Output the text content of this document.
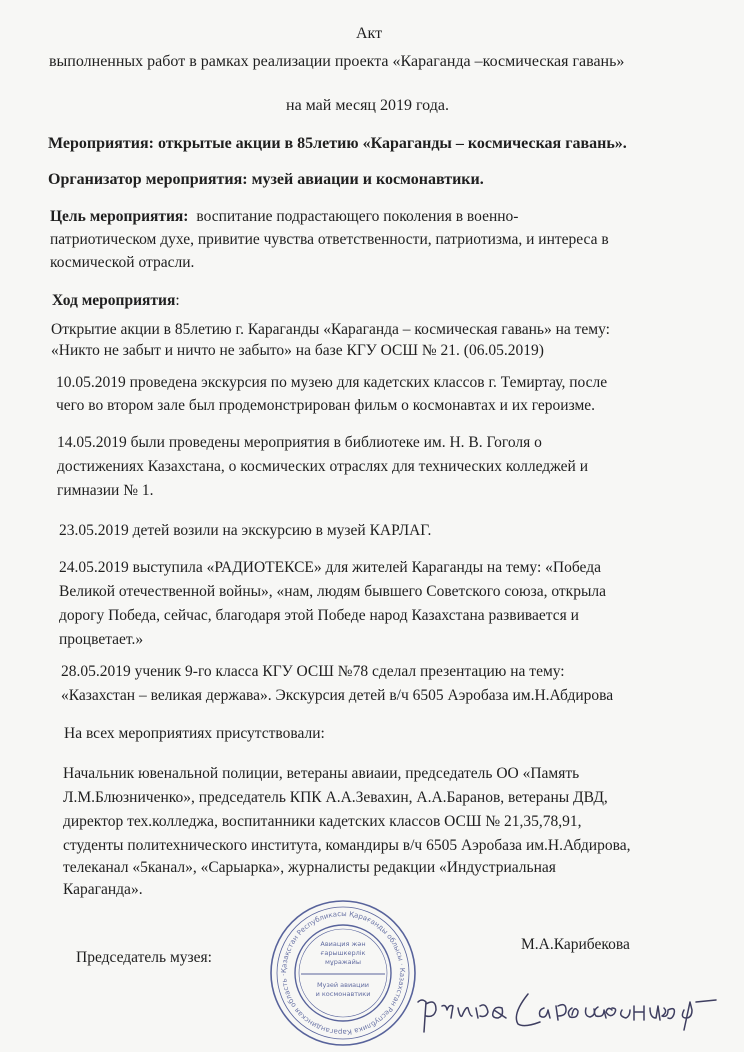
Акт
выполненных работ в рамках реализации проекта «Караганда –космическая гавань»
на май месяц 2019 года.
Мероприятия: открытые акции в 85летию «Караганды – космическая гавань».
Организатор мероприятия: музей авиации и космонавтики.
Цель мероприятия: воспитание подрастающего поколения в военно-
патриотическом духе, привитие чувства ответственности, патриотизма, и интереса в
космической отрасли.
Ход мероприятия:
Открытие акции в 85летию г. Караганды «Караганда – космическая гавань» на тему:
«Никто не забыт и ничто не забыто» на базе КГУ ОСШ № 21. (06.05.2019)
10.05.2019 проведена экскурсия по музею для кадетских классов г. Темиртау, после
чего во втором зале был продемонстрирован фильм о космонавтах и их героизме.
14.05.2019 были проведены мероприятия в библиотеке им. Н. В. Гоголя о
достижениях Казахстана, о космических отраслях для технических колледжей и
гимназии № 1.
23.05.2019 детей возили на экскурсию в музей КАРЛАГ.
24.05.2019 выступила «РАДИОТЕКСЕ» для жителей Караганды на тему: «Победа
Великой отечественной войны», «нам, людям бывшего Советского союза, открыла
дорогу Победа, сейчас, благодаря этой Победе народ Казахстана развивается и
процветает.»
28.05.2019 ученик 9-го класса КГУ ОСШ №78 сделал презентацию на тему:
«Казахстан – великая держава». Экскурсия детей в/ч 6505 Аэробаза им.Н.Абдирова
На всех мероприятиях присутствовали:
Начальник ювенальной полиции, ветераны авиаии, председатель ОО «Память
Л.М.Блюзниченко», председатель КПК А.А.Зевахин, А.А.Баранов, ветераны ДВД,
директор тех.колледжа, воспитанники кадетских классов ОСШ № 21,35,78,91,
студенты политехнического института, командиры в/ч 6505 Аэробаза им.Н.Абдирова,
телеканал «5канал», «Сарыарка», журналисты редакции «Индустриальная
Караганда».
Председатель музея:
М.А.Карибекова
Авиация жән
ғарышкерлік
мұражайы
Музей авиации
и космонавтики
Қазақстан Республикасы Қарағанды облысы · Казахстан Республика Карагандинская область ·
